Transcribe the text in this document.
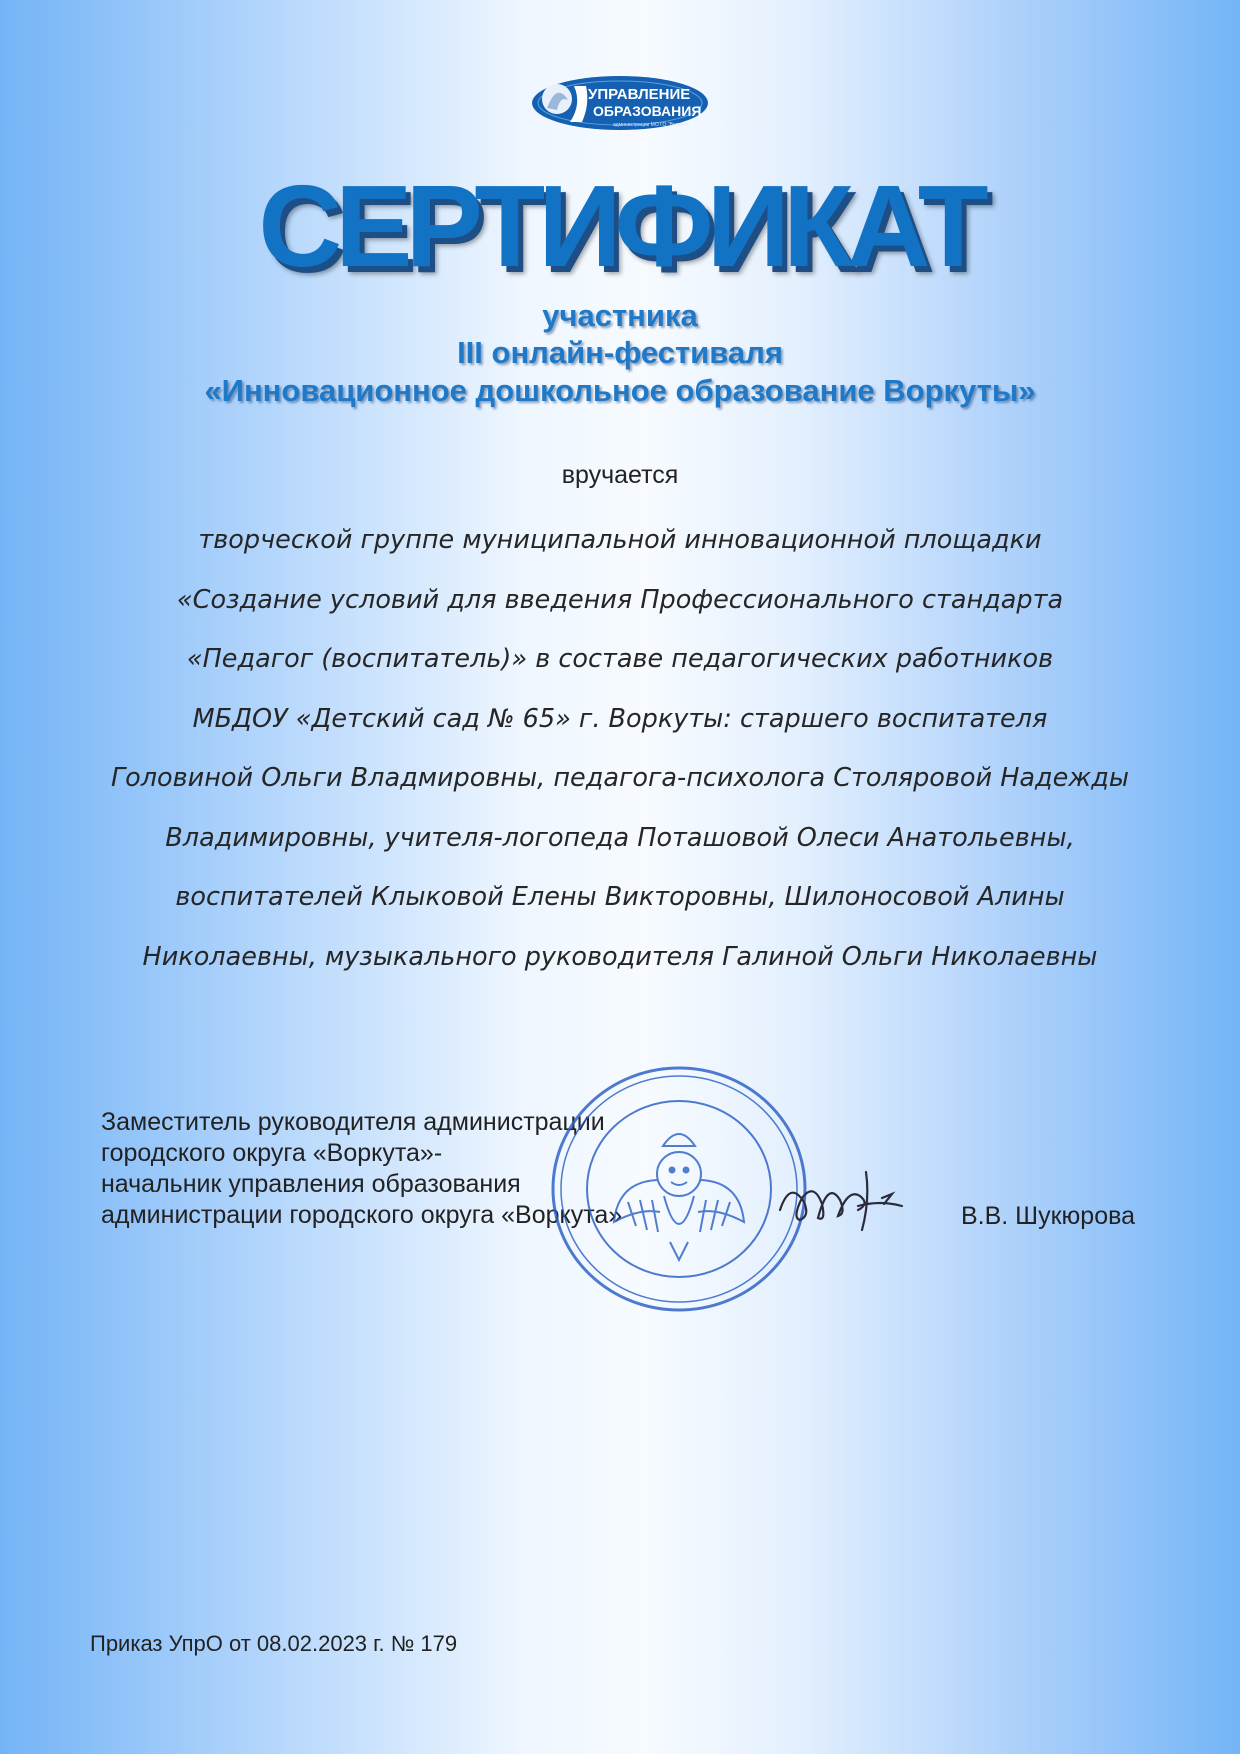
УПРАВЛЕНИЕ
ОБРАЗОВАНИЯ
администрации МО ГО "Воркута"
СЕРТИФИКАТ
участника
III онлайн-фестиваля
«Инновационное дошкольное образование Воркуты»
вручается
творческой группе муниципальной инновационной площадки
«Создание условий для введения Профессионального стандарта
«Педагог (воспитатель)» в составе педагогических работников
МБДОУ «Детский сад № 65» г. Воркуты: старшего воспитателя
Головиной Ольги Владмировны, педагога-психолога Столяровой Надежды
Владимировны, учителя-логопеда Поташовой Олеси Анатольевны,
воспитателей Клыковой Елены Викторовны, Шилоносовой Алины
Николаевны, музыкального руководителя Галиной Ольги Николаевны
Заместитель руководителя администрации
городского округа «Воркута»-
начальник управления образования
администрации городского округа «Воркута»	В.В. Шукюрова
Приказ УпрО от 08.02.2023 г. № 179
